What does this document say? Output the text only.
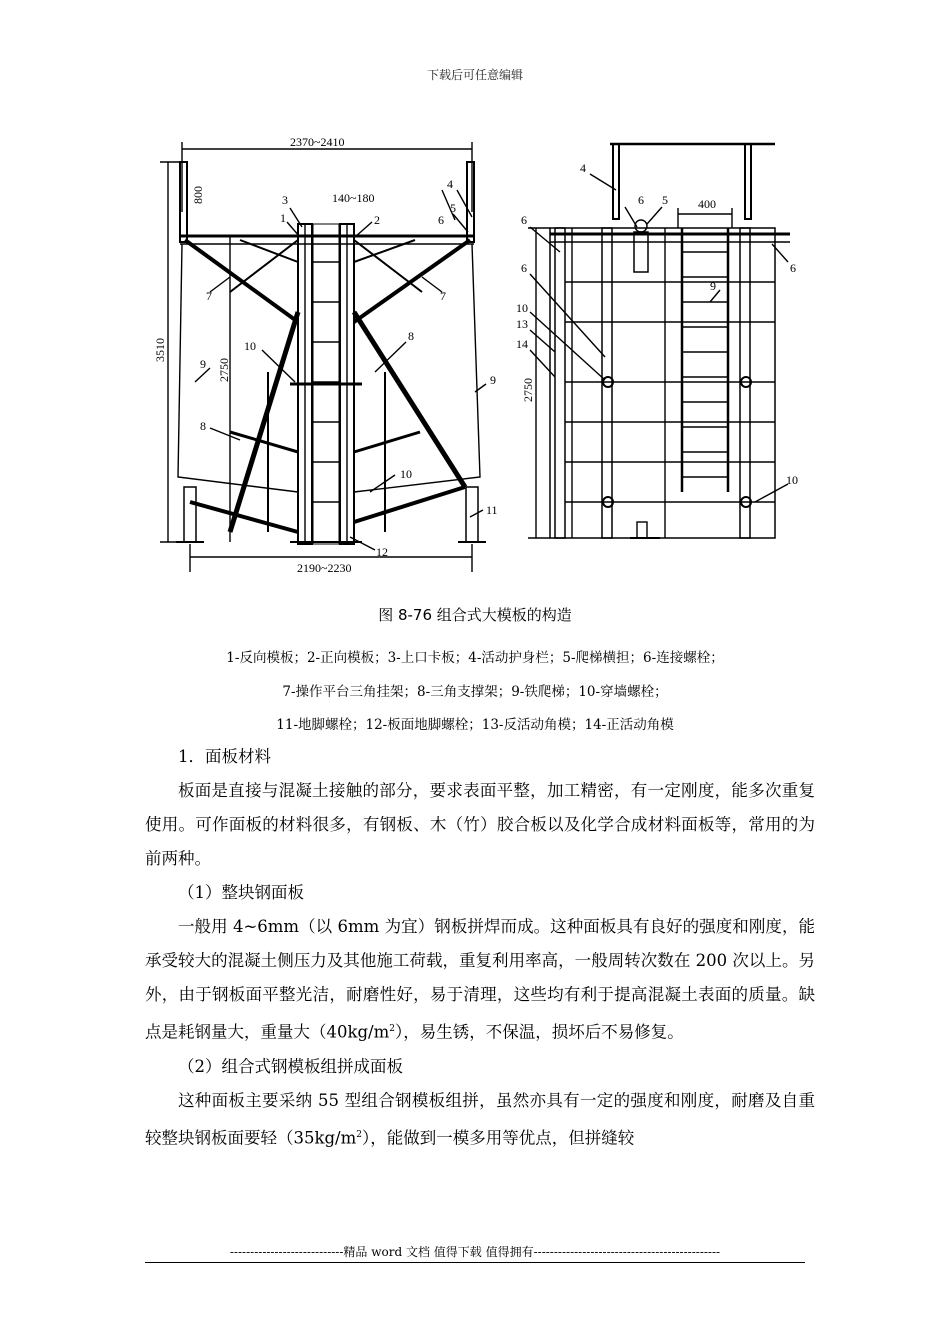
下载后可任意编辑
2370~2410
2190~2230
140~180
3510
2750
800
1	2
3
4
5
6
7	7
8
8
9
9
10
10
11
12
400
2750
4
6 5
6
6	6
10
13
14
9
10
图 8-76 组合式大模板的构造
1-反向模板；2-正向模板；3-上口卡板；4-活动护身栏；5-爬梯横担；6-连接螺栓；
7-操作平台三角挂架；8-三角支撑架；9-铁爬梯；10-穿墙螺栓；
11-地脚螺栓；12-板面地脚螺栓；13-反活动角模；14-正活动角模

1．面板材料

板面是直接与混凝土接触的部分，要求表面平整，加工精密，有一定刚度，能多次重复使用。可作面板的材料很多，有钢板、木（竹）胶合板以及化学合成材料面板等，常用的为前两种。

（1）整块钢面板

一般用 4~6mm（以 6mm 为宜）钢板拼焊而成。这种面板具有良好的强度和刚度，能承受较大的混凝土侧压力及其他施工荷载，重复利用率高，一般周转次数在 200 次以上。另外，由于钢板面平整光洁，耐磨性好，易于清理，这些均有利于提高混凝土表面的质量。缺点是耗钢量大，重量大$(40kg/m^2)$，易生锈，不保温，损坏后不易修复。

（2）组合式钢模板组拼成面板

这种面板主要采纳 55 型组合钢模板组拼，虽然亦具有一定的强度和刚度，耐磨及自重较整块钢板面要轻$(35kg/m^2)$，能做到一模多用等优点，但拼缝较

----------------------------精品 word 文档 值得下载 值得拥有----------------------------------------------
